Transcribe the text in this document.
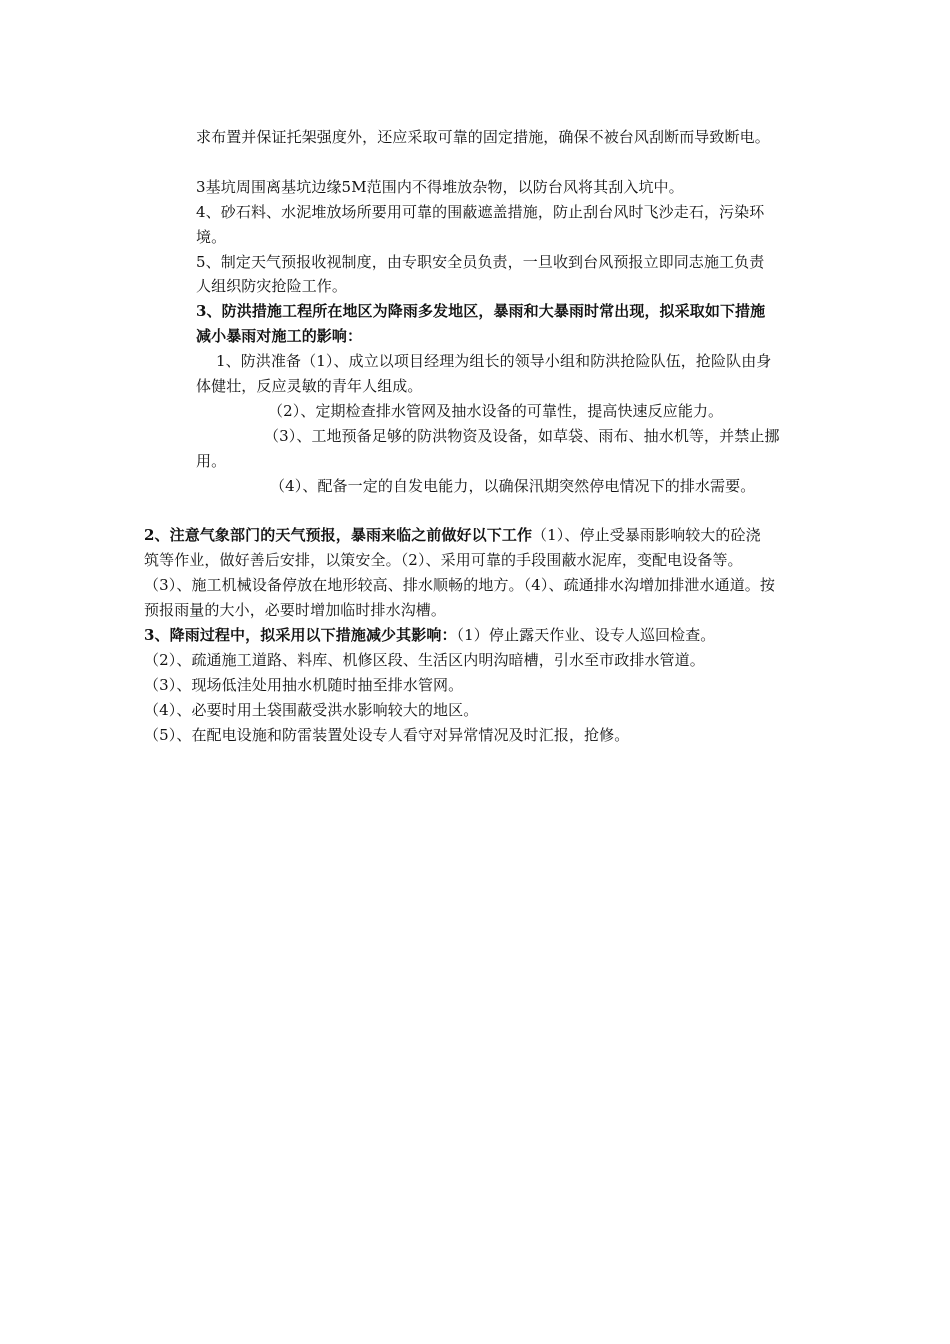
求布置并保证托架强度外，还应采取可靠的固定措施，确保不被台风刮断而导致断电。
3基坑周围离基坑边缘5M范围内不得堆放杂物，以防台风将其刮入坑中。
4、砂石料、水泥堆放场所要用可靠的围蔽遮盖措施，防止刮台风时飞沙走石，污染环
境。
5、制定天气预报收视制度，由专职安全员负责，一旦收到台风预报立即同志施工负责
人组织防灾抢险工作。
3、防洪措施工程所在地区为降雨多发地区，暴雨和大暴雨时常出现，拟采取如下措施
减小暴雨对施工的影响：
1、防洪准备（1）、成立以项目经理为组长的领导小组和防洪抢险队伍，抢险队由身
体健壮，反应灵敏的青年人组成。
（2）、定期检查排水管网及抽水设备的可靠性，提高快速反应能力。
（3）、工地预备足够的防洪物资及设备，如草袋、雨布、抽水机等，并禁止挪
用。
（4）、配备一定的自发电能力，以确保汛期突然停电情况下的排水需要。
2、注意气象部门的天气预报，暴雨来临之前做好以下工作（1）、停止受暴雨影响较大的砼浇
筑等作业，做好善后安排，以策安全。（2）、采用可靠的手段围蔽水泥库，变配电设备等。
（3）、施工机械设备停放在地形较高、排水顺畅的地方。（4）、疏通排水沟增加排泄水通道。按
预报雨量的大小，必要时增加临时排水沟槽。
3、降雨过程中，拟采用以下措施减少其影响：（1）停止露天作业、设专人巡回检查。
（2）、疏通施工道路、料库、机修区段、生活区内明沟暗槽，引水至市政排水管道。
（3）、现场低洼处用抽水机随时抽至排水管网。
（4）、必要时用土袋围蔽受洪水影响较大的地区。
（5）、在配电设施和防雷装置处设专人看守对异常情况及时汇报，抢修。
